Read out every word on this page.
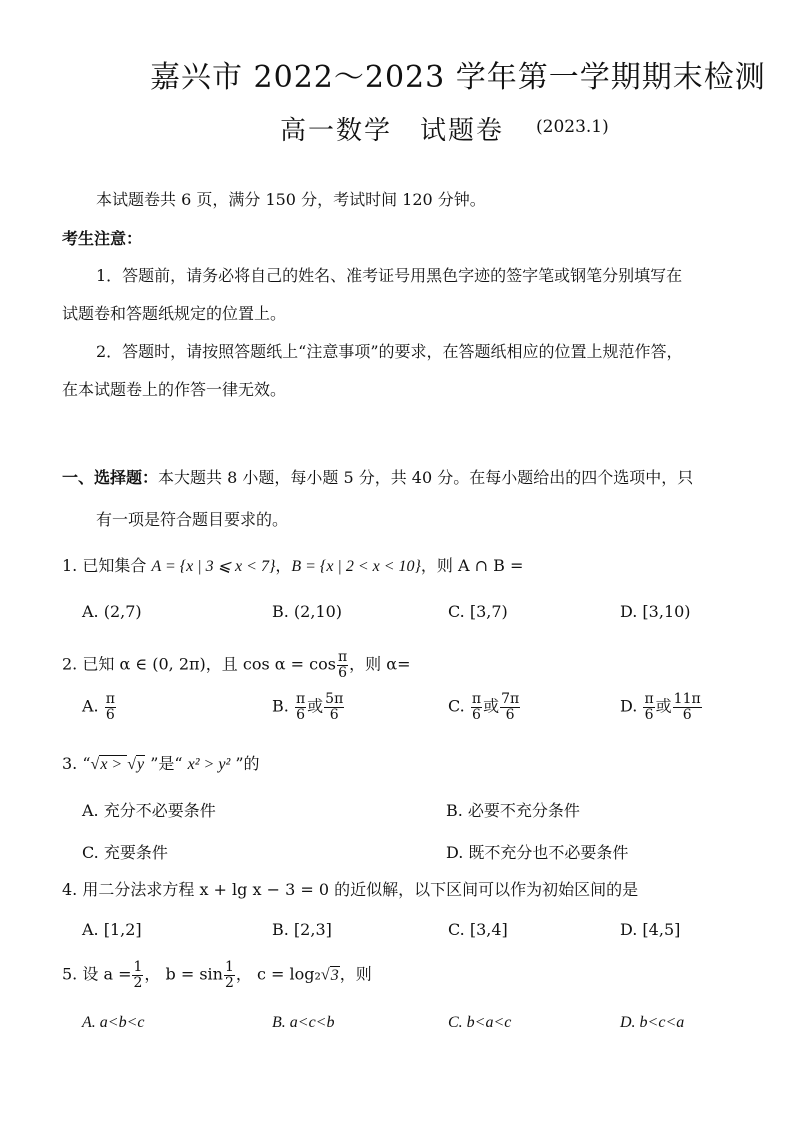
嘉兴市 2022～2023 学年第一学期期末检测
高一数学　试题卷 (2023.1)
本试题卷共 6 页，满分 150 分，考试时间 120 分钟。
考生注意：
1．答题前，请务必将自己的姓名、准考证号用黑色字迹的签字笔或钢笔分别填写在
试题卷和答题纸规定的位置上。
2．答题时，请按照答题纸上“注意事项”的要求，在答题纸相应的位置上规范作答，
在本试题卷上的作答一律无效。
一、选择题：本大题共 8 小题，每小题 5 分，共 40 分。在每小题给出的四个选项中，只
有一项是符合题目要求的。
1. 已知集合 A = {x | 3 ⩽ x < 7}，B = {x | 2 < x < 10}，则 A ∩ B =
A. (2,7)	B. (2,10)	C. [3,7)	D. [3,10)
2. 已知 α ∈ (0, 2π)，且 $\cos \alpha = \cos \frac{\pi}{6}$ ，则 α=
A. $\frac{\pi}{6}$	B. $\frac{\pi}{6}$ 或 $\frac{5\pi}{6}$	C. $\frac{\pi}{6}$ 或 $\frac{7\pi}{6}$	D. $\frac{\pi}{6}$ 或 $\frac{11\pi}{6}$
3. “√x > √y ”是“ x² > y² ”的
A. 充分不必要条件	B. 必要不充分条件
C. 充要条件	D. 既不充分也不必要条件
4. 用二分法求方程 x + lg x − 3 = 0 的近似解，以下区间可以作为初始区间的是
A. [1,2]	B. [2,3]	C. [3,4]	D. [4,5]
5. 设 $a = \frac{1}{2}$ ， $b = \sin \frac{1}{2}$ ， c = log₂√3，则
A. a<b<c	B. a<c<b	C. b<a<c	D. b<c<a
